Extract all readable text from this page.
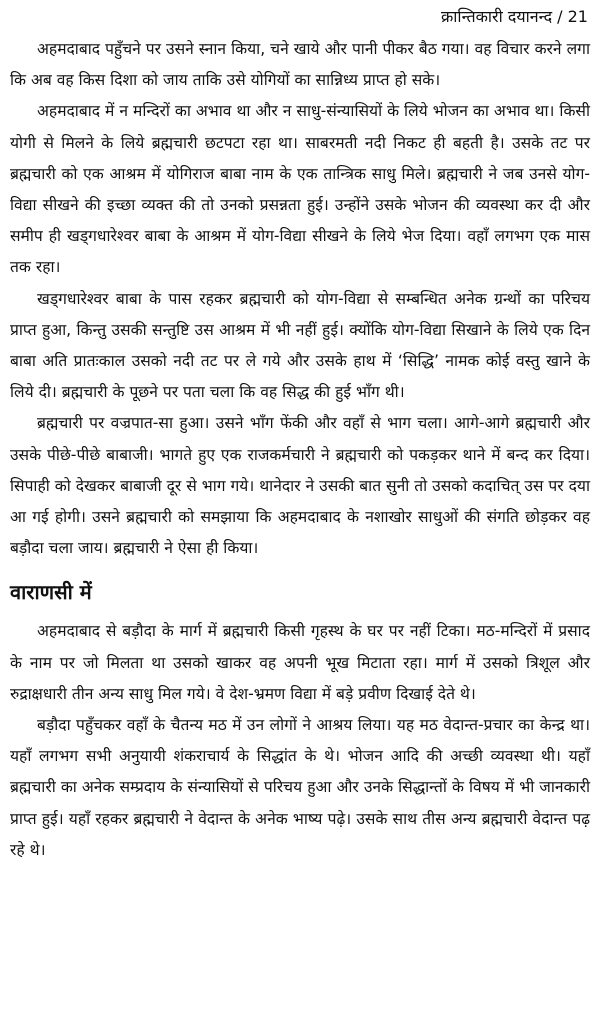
क्रान्तिकारी दयानन्द / 21

अहमदाबाद पहुँचने पर उसने स्नान किया, चने खाये और पानी पीकर बैठ गया। वह विचार करने लगा कि अब वह किस दिशा को जाय ताकि उसे योगियों का सान्निध्य प्राप्त हो सके।

अहमदाबाद में न मन्दिरों का अभाव था और न साधु-संन्यासियों के लिये भोजन का अभाव था। किसी योगी से मिलने के लिये ब्रह्मचारी छटपटा रहा था। साबरमती नदी निकट ही बहती है। उसके तट पर ब्रह्मचारी को एक आश्रम में योगिराज बाबा नाम के एक तान्त्रिक साधु मिले। ब्रह्मचारी ने जब उनसे योग-विद्या सीखने की इच्छा व्यक्त की तो उनको प्रसन्नता हुई। उन्होंने उसके भोजन की व्यवस्था कर दी और समीप ही खड्गधारेश्वर बाबा के आश्रम में योग-विद्या सीखने के लिये भेज दिया। वहाँ लगभग एक मास तक रहा।

खड्गधारेश्वर बाबा के पास रहकर ब्रह्मचारी को योग-विद्या से सम्बन्धित अनेक ग्रन्थों का परिचय प्राप्त हुआ, किन्तु उसकी सन्तुष्टि उस आश्रम में भी नहीं हुई। क्योंकि योग-विद्या सिखाने के लिये एक दिन बाबा अति प्रातःकाल उसको नदी तट पर ले गये और उसके हाथ में ‘सिद्धि’ नामक कोई वस्तु खाने के लिये दी। ब्रह्मचारी के पूछने पर पता चला कि वह सिद्ध की हुई भाँग थी।

ब्रह्मचारी पर वज्रपात-सा हुआ। उसने भाँग फेंकी और वहाँ से भाग चला। आगे-आगे ब्रह्मचारी और उसके पीछे-पीछे बाबाजी। भागते हुए एक राजकर्मचारी ने ब्रह्मचारी को पकड़कर थाने में बन्द कर दिया। सिपाही को देखकर बाबाजी दूर से भाग गये। थानेदार ने उसकी बात सुनी तो उसको कदाचित् उस पर दया आ गई होगी। उसने ब्रह्मचारी को समझाया कि अहमदाबाद के नशाखोर साधुओं की संगति छोड़कर वह बड़ौदा चला जाय। ब्रह्मचारी ने ऐसा ही किया।

वाराणसी में

अहमदाबाद से बड़ौदा के मार्ग में ब्रह्मचारी किसी गृहस्थ के घर पर नहीं टिका। मठ-मन्दिरों में प्रसाद के नाम पर जो मिलता था उसको खाकर वह अपनी भूख मिटाता रहा। मार्ग में उसको त्रिशूल और रुद्राक्षधारी तीन अन्य साधु मिल गये। वे देश-भ्रमण विद्या में बड़े प्रवीण दिखाई देते थे।

बड़ौदा पहुँचकर वहाँ के चैतन्य मठ में उन लोगों ने आश्रय लिया। यह मठ वेदान्त-प्रचार का केन्द्र था। यहाँ लगभग सभी अनुयायी शंकराचार्य के सिद्धांत के थे। भोजन आदि की अच्छी व्यवस्था थी। यहाँ ब्रह्मचारी का अनेक सम्प्रदाय के संन्यासियों से परिचय हुआ और उनके सिद्धान्तों के विषय में भी जानकारी प्राप्त हुई। यहाँ रहकर ब्रह्मचारी ने वेदान्त के अनेक भाष्य पढ़े। उसके साथ तीस अन्य ब्रह्मचारी वेदान्त पढ़ रहे थे।
